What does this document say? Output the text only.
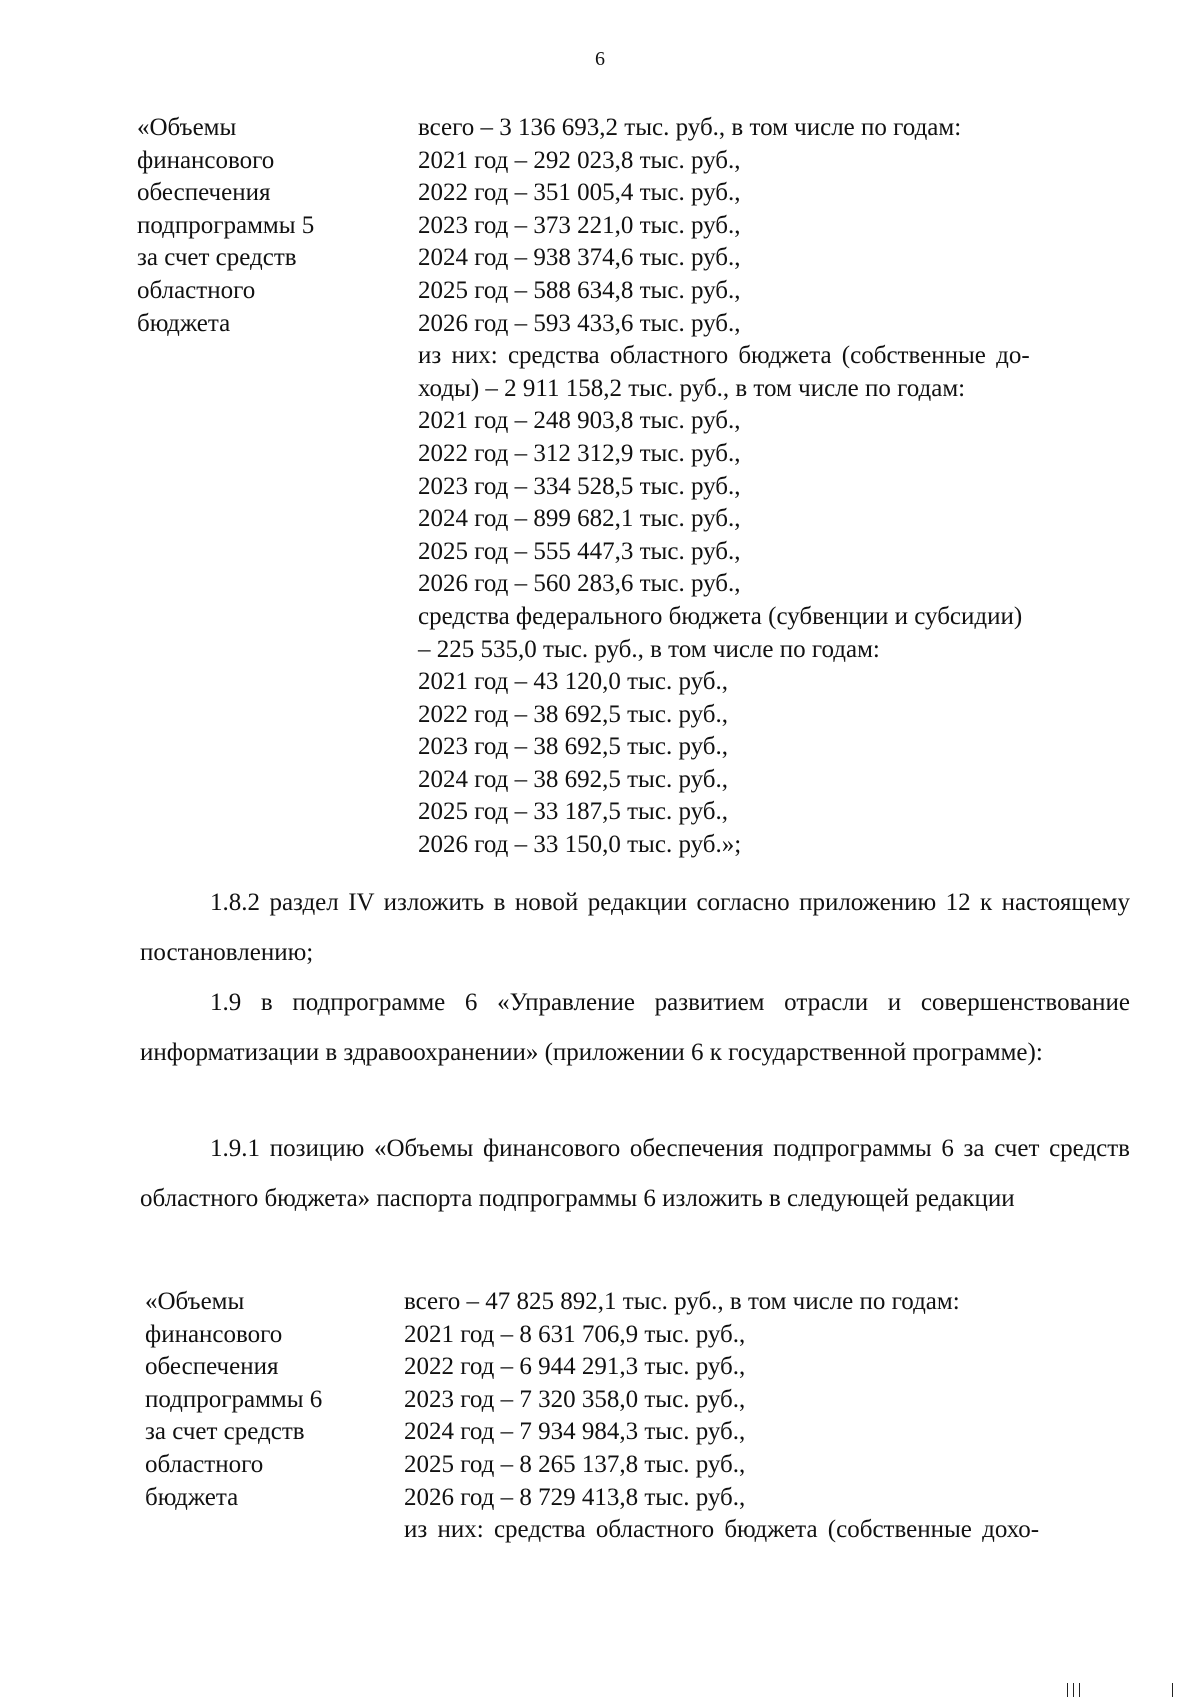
6
«Объемы
финансового
обеспечения
подпрограммы 5
за счет средств
областного
бюджета
всего – 3 136 693,2 тыс. руб., в том числе по годам:
2021 год – 292 023,8 тыс. руб.,
2022 год – 351 005,4 тыс. руб.,
2023 год – 373 221,0 тыс. руб.,
2024 год – 938 374,6 тыс. руб.,
2025 год – 588 634,8 тыс. руб.,
2026 год – 593 433,6 тыс. руб.,
из них: средства областного бюджета (собственные до-
ходы) – 2 911 158,2 тыс. руб., в том числе по годам:
2021 год – 248 903,8 тыс. руб.,
2022 год – 312 312,9 тыс. руб.,
2023 год – 334 528,5 тыс. руб.,
2024 год – 899 682,1 тыс. руб.,
2025 год – 555 447,3 тыс. руб.,
2026 год – 560 283,6 тыс. руб.,
средства федерального бюджета (субвенции и субсидии)
– 225 535,0 тыс. руб., в том числе по годам:
2021 год – 43 120,0 тыс. руб.,
2022 год – 38 692,5 тыс. руб.,
2023 год – 38 692,5 тыс. руб.,
2024 год – 38 692,5 тыс. руб.,
2025 год – 33 187,5 тыс. руб.,
2026 год – 33 150,0 тыс. руб.»;
1.8.2 раздел IV изложить в новой редакции согласно приложению 12 к настоящему постановлению;
1.9 в подпрограмме 6 «Управление развитием отрасли и совершенствование информатизации в здравоохранении» (приложении 6 к государственной программе):
1.9.1 позицию «Объемы финансового обеспечения подпрограммы 6 за счет средств областного бюджета» паспорта подпрограммы 6 изложить в следующей редакции
«Объемы
финансового
обеспечения
подпрограммы 6
за счет средств
областного
бюджета
всего – 47 825 892,1 тыс. руб., в том числе по годам:
2021 год – 8 631 706,9 тыс. руб.,
2022 год – 6 944 291,3 тыс. руб.,
2023 год – 7 320 358,0 тыс. руб.,
2024 год – 7 934 984,3 тыс. руб.,
2025 год – 8 265 137,8 тыс. руб.,
2026 год – 8 729 413,8 тыс. руб.,
из них: средства областного бюджета (собственные дохо-
